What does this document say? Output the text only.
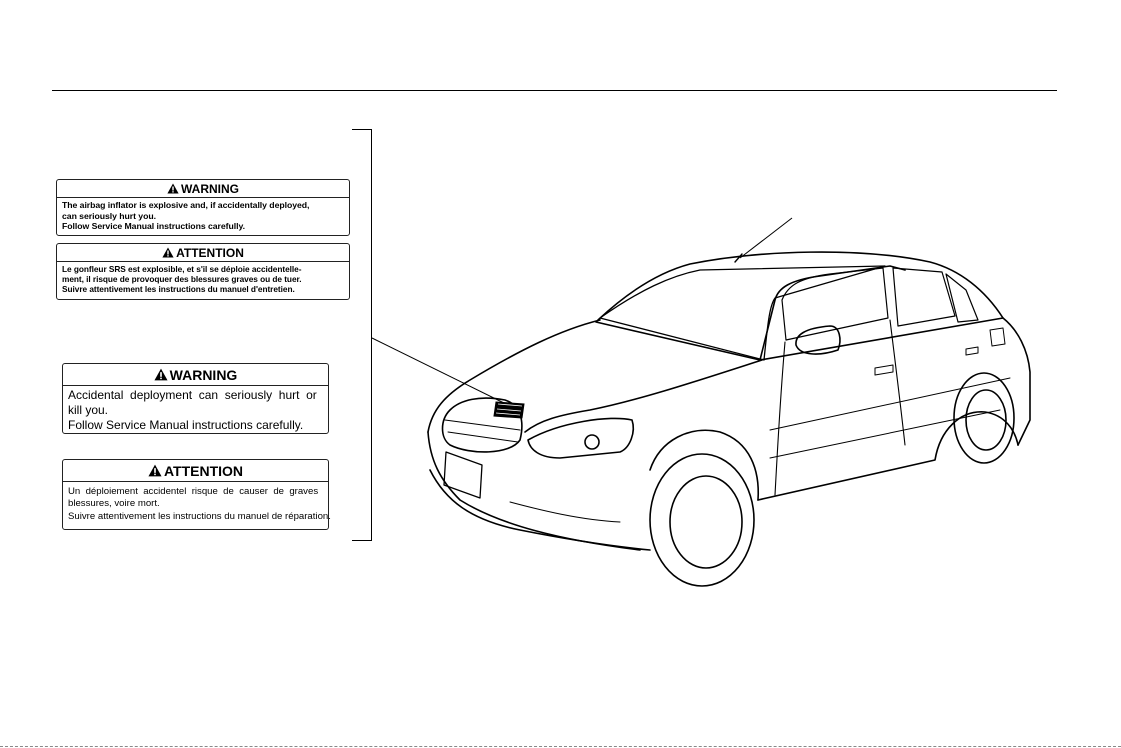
WARNING
The airbag inflator is explosive and, if accidentally deployed,
can seriously hurt you.
Follow Service Manual instructions carefully.
ATTENTION
Le gonfleur SRS est explosible, et s'il se déploie accidentelle-
ment, il risque de provoquer des blessures graves ou de tuer.
Suivre attentivement les instructions du manuel d'entretien.
WARNING
Accidental  deployment  can  seriously  hurt  or
kill you.
Follow Service Manual instructions carefully.
ATTENTION
Un  déploiement  accidentel  risque  de  causer  de  graves
blessures, voire mort.
Suivre attentivement les instructions du manuel de réparation.
